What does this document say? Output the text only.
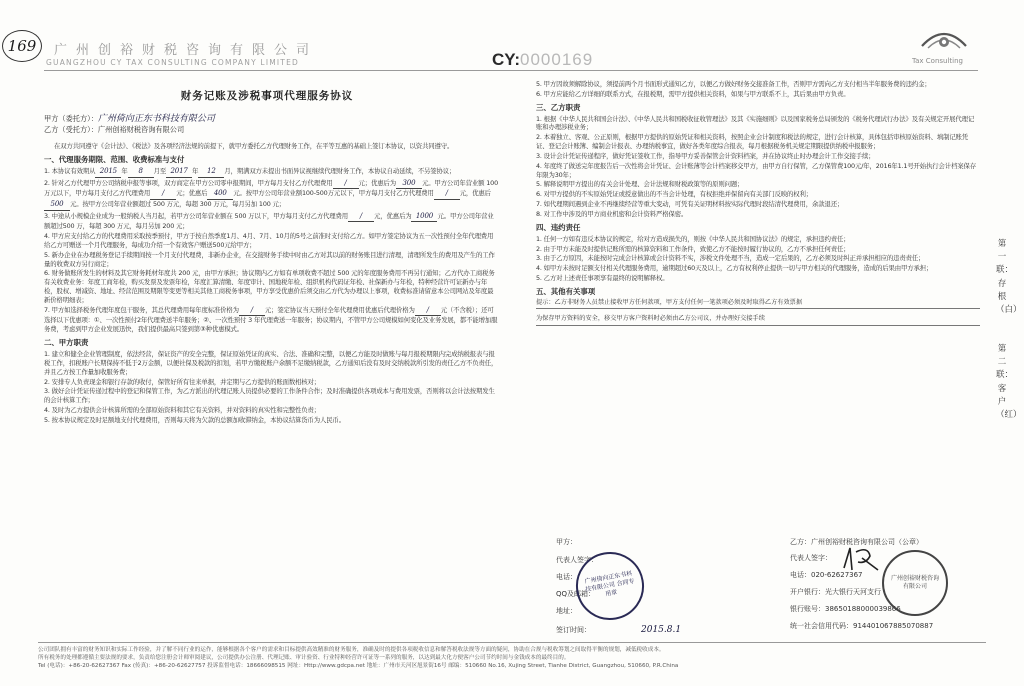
169	广州创裕财税咨询有限公司
GUANGZHOU CY TAX CONSULTING COMPANY LIMITED	CY:0000169	Tax Consulting
财务记账及涉税事项代理服务协议
甲方（委托方）：广州倚向正东书科技有限公司
乙方（受托方）：广州创裕财税咨询有限公司
在双方共同遵守《会计法》、《税法》及各项经济法规的前提下，就甲方委托乙方代理财务工作，在平等互惠的基础上签订本协议，以资共同遵守。
一、代理服务期限、范围、收费标准与支付
1. 本协议有效期从 2015 年 8 月至 2017 年 12 月，期满双方未提出书面异议视继续代理财务工作，本协议自动延续，不另签协议；
2. 针对乙方代理甲方公司纳税申报等事项，双方商定在甲方公司零申报期间，甲方每月支付乙方代理费用 / 元；优惠后为 300 元。甲方公司年营业额 100 万元以下，甲方每月支付乙方代理费用 / 元；优惠后 400 元。按甲方公司年营业额100-500万元以下，甲方每月支付乙方代理费用 / 元，优惠后500 元。按甲方公司年营业额超过 500 万元，每超 300 万元，每月另加 100 元；
3. 中途从小规模企业成为一般纳税人当月起，若甲方公司年营业额在 500 万以下，甲方每月支付乙方代理费用 / 元，优惠后为 1000 元。甲方公司年营业额超过500 万，每超 300 万元，每月另加 200 元；
4. 甲方应支付给乙方的代理费用采取按季预付，甲方于按自然季度1月、4月、7月、10月的5号之前准时支付给乙方。如甲方签定协议为五一次性预付全年代理费用给乙方可赠送一个月代理服务，每成功介绍一个有效客户赠送500元给甲方；
5. 新办企业在办理税务登记手续期间按一个月支付代理费，非新办企业，在交接财务手续中时由乙方对其以前的财务账目进行清理，清理所发生的费用及产生的工作量的收费双方另行商定；
6. 财务做账所发生的材料及其它财务耗材年度共 200 元，由甲方承担；协议期内乙方如有单项收费不超过 500 元的年度服务费用不再另行通知；乙方代办工商税务有关收费业务：年度工商年检，购买发票及发票年检，年度汇算清缴、年度审计、国地税年检、组织机构代码证年检、社保新办与年检，特种经营许可证新办与年检，股权、增减资、地址、经营范围及期限等变更等相关其他工商税务事项，甲方享受优惠价后须交由乙方代为办理以上事项，收费标准请留意本公司网站及年度最新价格明细表；
7. 甲方如选择税务代理年度包干服务，其总代理费用每年度标准价格为 / 元；签定协议当天预付全年代理费用优惠后代理价格为 / 元（不含税）；还可选择以下优惠项：①、一次性预付2年代理费送半年服务；②、一次性预付 3 年代理费送一年服务；协议期内，不管甲方公司规模如何变化及业务发展，都不能增加服务费，考虑到甲方企业发展迅快，我们提供最高只签到第③种优惠模式。
二、甲方职责
1. 建立和健全企业管理制度，依法经营，保证资产的安全完整，保证原始凭证的真实、合法、准确和完整，以便乙方能及时做账与每月报税期限内完成纳税报表与报税工作，扣税账户长期保持不低于2万金额，以便社保及税款的扣划，若甲方缴税账户余额不足缴纳税款，乙方通知后没有及时交纳税款所引发的责任乙方不负责任，并且乙方按工作量加收服务费；
2. 安排专人负责现金和银行存款的收付，保管好所有往来单据，并定期与乙方提供的账面数相核对；
3. 做好会计凭证传递过程中的登记和保管工作，为乙方派出的代理记账人员提供必要的工作条件合作；及时准确提供各项成本与费用发票，否则将以会计法按期发生的会计核算工作；
4. 及时为乙方提供会计核算所需的全部原始资料和其它有关资料，并对资料的真实性和完整性负责；
5. 按本协议规定及时足额地支付代理费用，否则每天将为欠款的总额加收滞纳金，本协议结算货币为人民币。
5. 甲方因故须解除协议，须提前两个月书面形式通知乙方，以便乙方做好财务交接准备工作，否则甲方需向乙方支付相当半年服务费的违约金；
6. 甲方应能给乙方详细的联系方式，在报税期，需甲方提供相关资料，如果与甲方联系不上，其后果由甲方负责。
三、乙方职责
1. 根据《中华人民共和国会计法》、《中华人民共和国税收征收管理法》及其《实施细则》以及国家税务总局颁发的《税务代理试行办法》及有关规定开展代理记账和办理涉税业务；
2. 本着独立、客观、公正原则，根据甲方提供的原始凭证和相关资料，按照企业会计制度和税法的规定，进行会计核算，具体包括审核原始资料、填制记账凭证、登记会计账簿、编制会计报表、办理纳税事宜，做好各类年度综合报表，每月根据税务机关规定期限提供纳税申报服务；
3. 设计会计凭证传递程序，做好凭证签收工作，指导甲方妥善保管会计资料档案，并在协议终止时办理会计工作交接手续；
4. 年度终了做送完年度报告后一次性将会计凭证、会计账薄等会计档案移交甲方，由甲方自行保管，乙方保管费100元/年，2016年1.1号开始执行会计档案保存年限为30年；
5. 解释说明甲方提出的有关会计处理、会计法规和财税政策等的原则问题；
6. 对甲方提供的不实原始凭证或授意做出的不当会计处理，有权拒绝并保留向有关部门反映的权利；
7. 如代理期间遇到企业不再继续经营等重大变动，可凭有关证明材料按实际代理时段结清代理费用，余款退还；
8. 对工作中涉及的甲方商业机密和会计资料严格保密。
四、违约责任
1. 任何一方如有违反本协议的规定，给对方造成损失的，则按《中华人民共和国协议法》的规定，承担违约责任；
2. 由于甲方未能及时提供记账所需的核算资料和工作条件，致使乙方不能按时履行协议的，乙方不承担任何责任；
3. 由于乙方原因，未能按时完成会计核算或会计资料不实，涉税文件处理不当，造成一定后果的，乙方必须及时纠正并承担相应的违责责任；
4. 如甲方未按时足额支付相关代理服务费用，逾期超过60天及以上，乙方有权利停止提供一切与甲方相关的代理服务，造成的后果由甲方承担；
5. 乙方对上述责任事项享有最终的说明解释权。
五、其他有关事项
提示：乙方非财务人员禁止接收甲方任何款项，甲方支付任何一笔款项必须及时取得乙方有效票据
为保存甲方资料的安全，移交甲方客户资料时必须由乙方公司议，并办理好交接手续
甲方：
代表人签字：
电话：
QQ及邮箱：
地址：
签订时间：	2015.8.1
广州倚向正东书科技有限公司 合同专用章
乙方：广州创裕财税咨询有限公司（公章）
代表人签字：
电话：020-62627367
开户银行：光大银行天河支行
银行账号：38650188000039866
统一社会信用代码：914401067885070887
广州创裕财税咨询有限公司
第一联：存根（白）
第二联：客户（红）
公司团队拥有丰富的财务知识和实际工作经验，并了解不同行业的运作，能够根据各个客户的需求和目标提供高效精准的财务服务，准确及时的提供各项税收信息和解答税收法规等方面的疑问，协助在合规与税收筹划之间取得平衡的规划，减低税收成本。
所有税务的处理都遵循主要法规的要求，负责给您注册会计师审阅建议，公司提供办公注册、代理记账、审计验资、行业特种经营许可证等一系列的服务，以达到最大化方便客户公司节约时间与金钱成本的最终目的。
Tel (电话)：+86-20-62627367 Fax (传真)：+86-20-62627757 投诉监督电话：18666098515 网址：Http://www.gdcpa.net 地址：广州市天河区旭景街16号 邮编：510660 No.16, Xujing Street, Tianhe District, Guangzhou, 510660, P.R.China
